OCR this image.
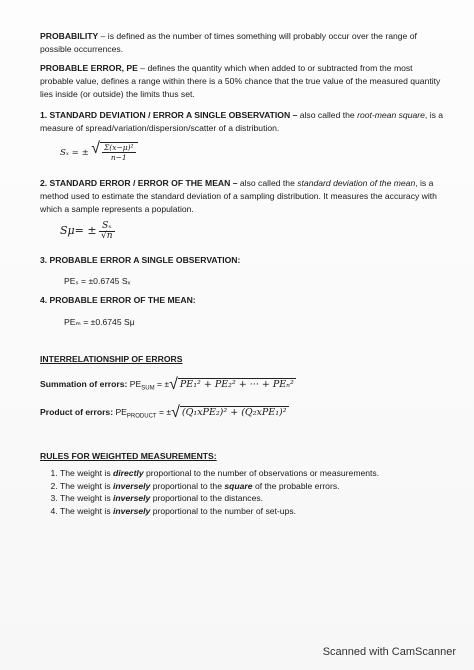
PROBABILITY – is defined as the number of times something will probably occur over the range of possible occurrences.
PROBABLE ERROR, PE – defines the quantity which when added to or subtracted from the most probable value, defines a range within there is a 50% chance that the true value of the measured quantity lies inside (or outside) the limits thus set.
1. STANDARD DEVIATION / ERROR A SINGLE OBSERVATION – also called the root-mean square, is a measure of spread/variation/dispersion/scatter of a distribution.
Sₓ = ± √ $\frac{\text{Σ(x−μ)²}}{n-1}$
2. STANDARD ERROR / ERROR OF THE MEAN – also called the standard deviation of the mean, is a method used to estimate the standard deviation of a sampling distribution. It measures the accuracy with which a sample represents a population.
$S\mu= \pm \frac{\text{Sₓ}}{√n}$
3. PROBABLE ERROR A SINGLE OBSERVATION:
PEₛ = ±0.6745 Sₓ
4. PROBABLE ERROR OF THE MEAN:
PEₘ = ±0.6745 Sμ
INTERRELATIONSHIP OF ERRORS
Summation of errors: $PE_{SUM}$ = ±√ PE₁² + PE₂² + ··· + PEₙ²
Product of errors: $PE_{PRODUCT}$ = ±√ (Q₁xPE₂)² + (Q₂xPE₁)²
RULES FOR WEIGHTED MEASUREMENTS:
1. The weight is directly proportional to the number of observations or measurements.
2. The weight is inversely proportional to the square of the probable errors.
3. The weight is inversely proportional to the distances.
4. The weight is inversely proportional to the number of set-ups.
Scanned with CamScanner
